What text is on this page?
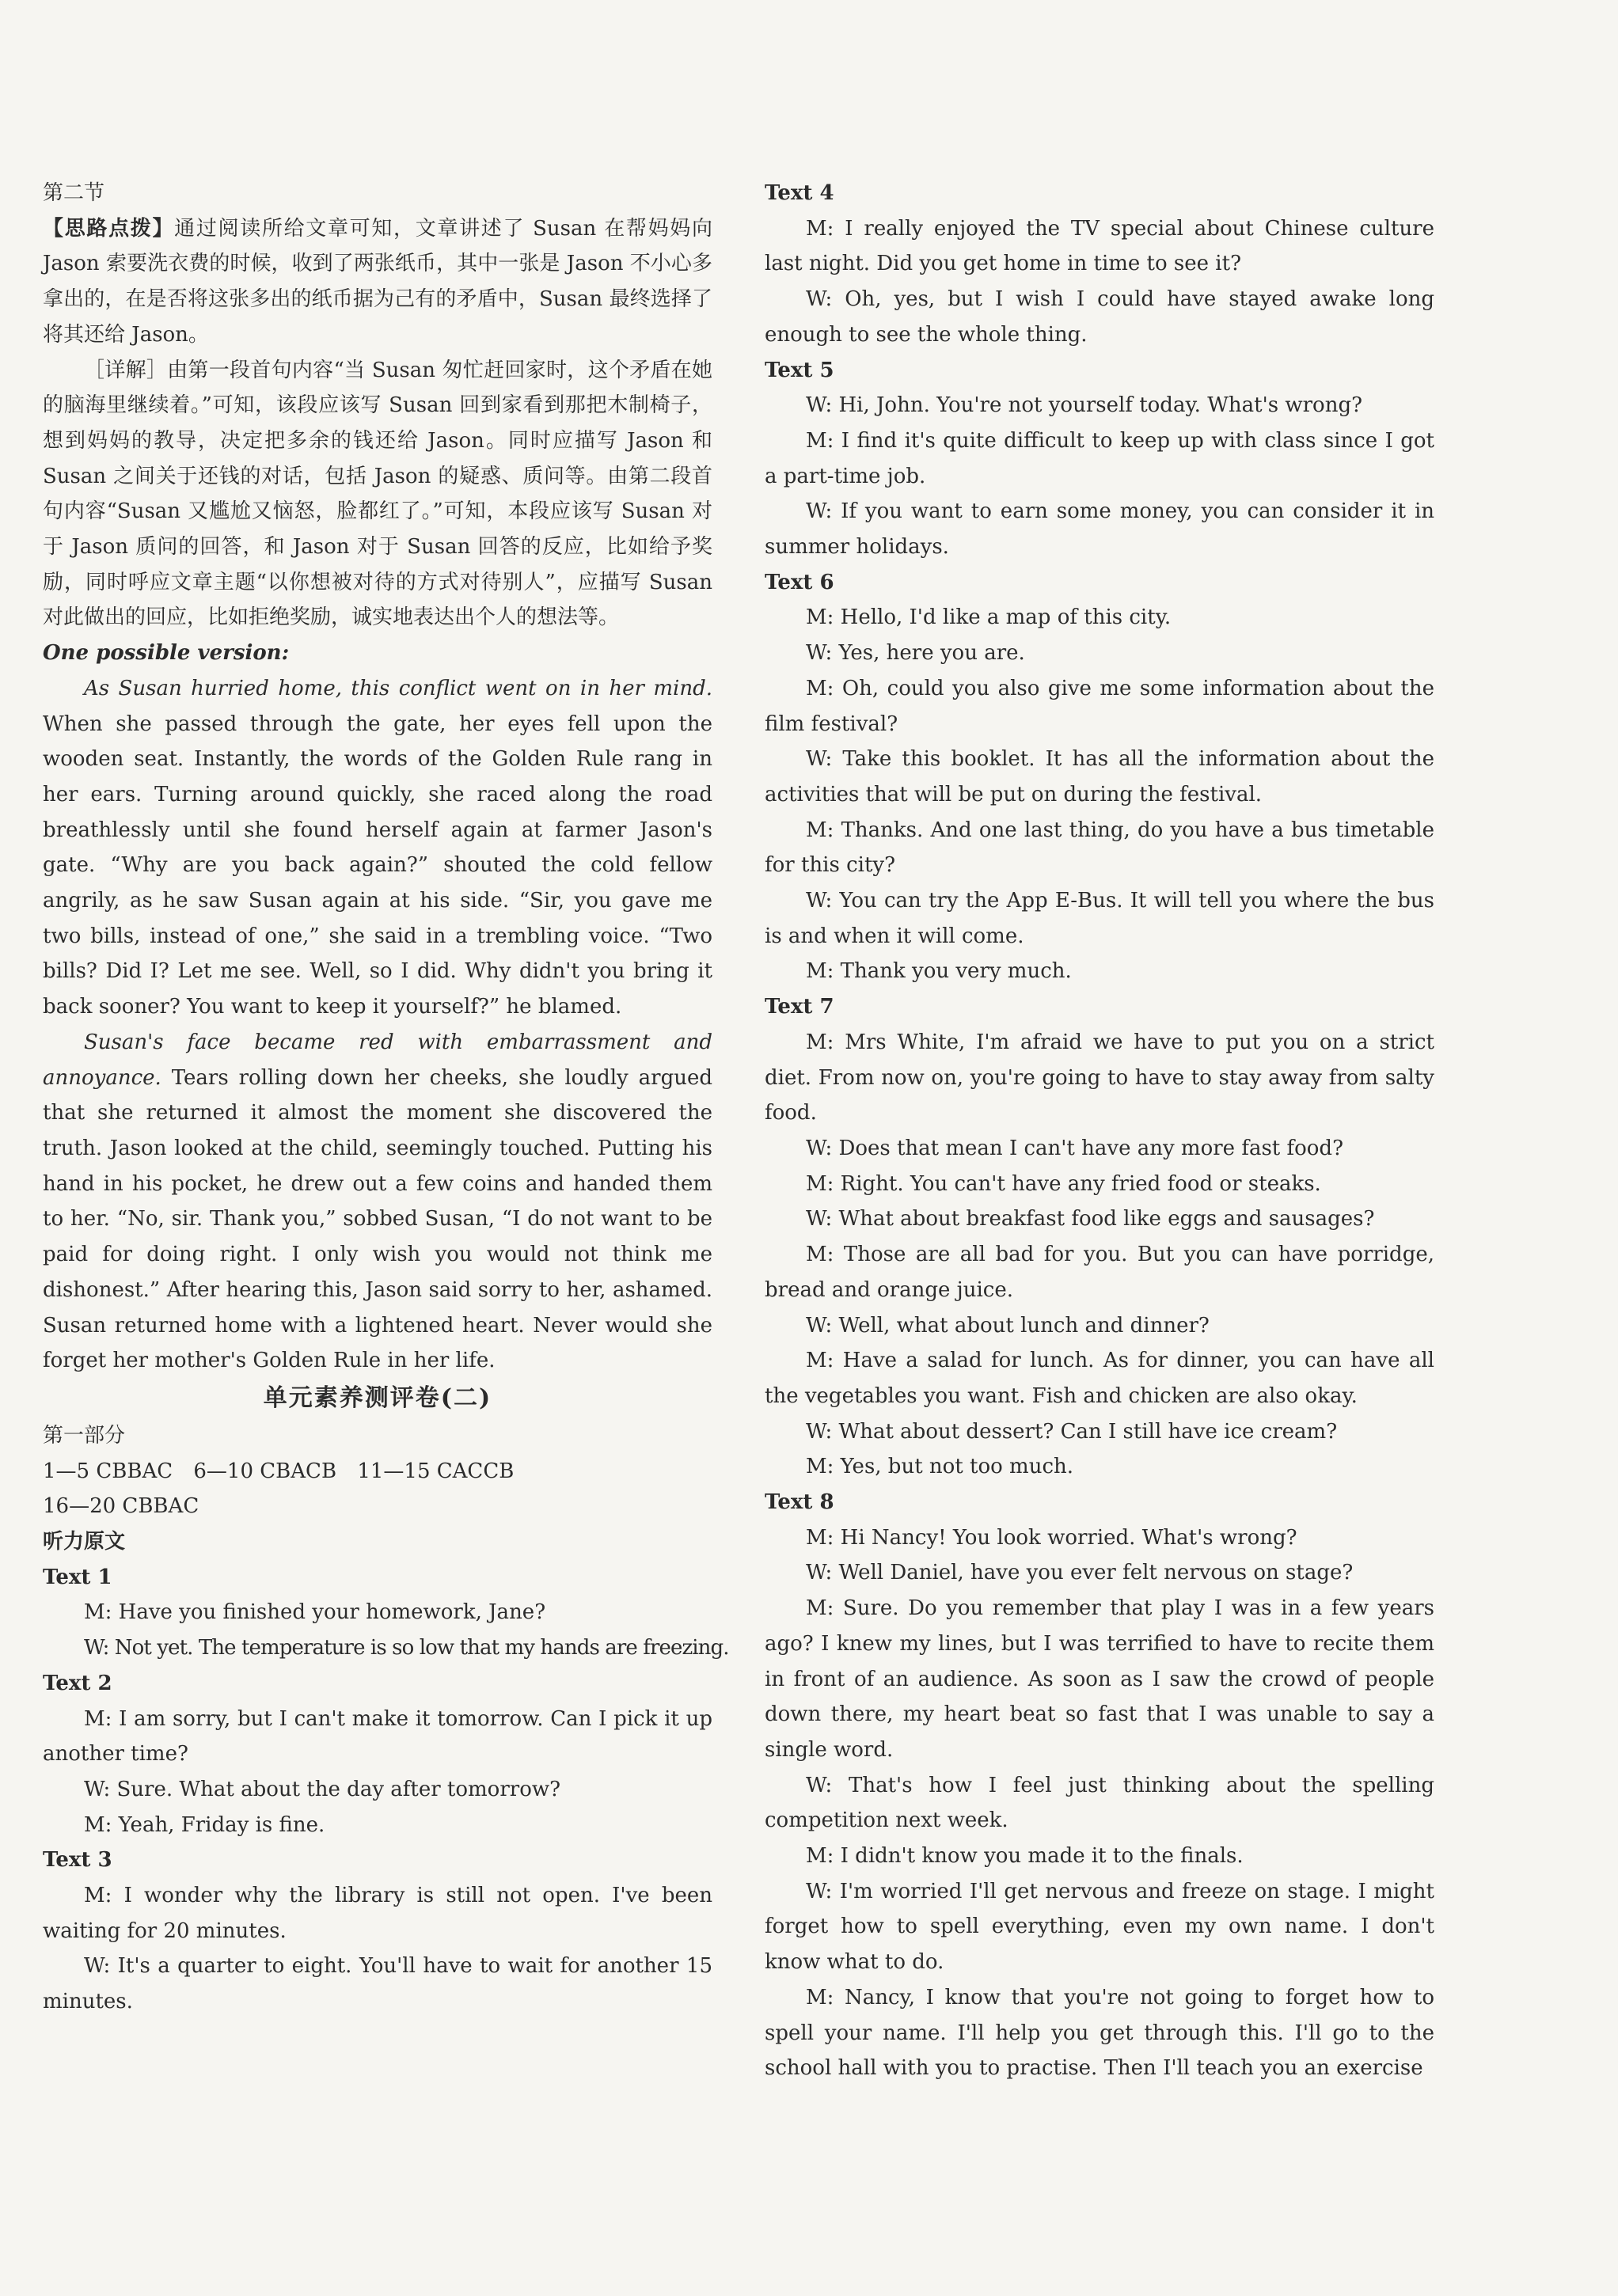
第二节

【思路点拨】通过阅读所给文章可知，文章讲述了 Susan 在帮妈妈向 Jason 索要洗衣费的时候，收到了两张纸币，其中一张是 Jason 不小心多拿出的，在是否将这张多出的纸币据为己有的矛盾中，Susan 最终选择了将其还给 Jason。

［详解］由第一段首句内容“当 Susan 匆忙赶回家时，这个矛盾在她的脑海里继续着。”可知，该段应该写 Susan 回到家看到那把木制椅子，想到妈妈的教导，决定把多余的钱还给 Jason。同时应描写 Jason 和 Susan 之间关于还钱的对话，包括 Jason 的疑惑、质问等。由第二段首句内容“Susan 又尴尬又恼怒，脸都红了。”可知，本段应该写 Susan 对于 Jason 质问的回答，和 Jason 对于 Susan 回答的反应，比如给予奖励，同时呼应文章主题“以你想被对待的方式对待别人”，应描写 Susan 对此做出的回应，比如拒绝奖励，诚实地表达出个人的想法等。

One possible version:

As Susan hurried home, this conflict went on in her mind. When she passed through the gate, her eyes fell upon the wooden seat. Instantly, the words of the Golden Rule rang in her ears. Turning around quickly, she raced along the road breathlessly until she found herself again at farmer Jason's gate. “Why are you back again?” shouted the cold fellow angrily, as he saw Susan again at his side. “Sir, you gave me two bills, instead of one,” she said in a trembling voice. “Two bills? Did I? Let me see. Well, so I did. Why didn't you bring it back sooner? You want to keep it yourself?” he blamed.

Susan's face became red with embarrassment and annoyance. Tears rolling down her cheeks, she loudly argued that she returned it almost the moment she discovered the truth. Jason looked at the child, seemingly touched. Putting his hand in his pocket, he drew out a few coins and handed them to her. “No, sir. Thank you,” sobbed Susan, “I do not want to be paid for doing right. I only wish you would not think me dishonest.” After hearing this, Jason said sorry to her, ashamed. Susan returned home with a lightened heart. Never would she forget her mother's Golden Rule in her life.

单元素养测评卷(二)

第一部分

1—5 CBBAC 6—10 CBACB 11—15 CACCB

16—20 CBBAC

听力原文

Text 1

M: Have you finished your homework, Jane?

W: Not yet. The temperature is so low that my hands are freezing.

Text 2

M: I am sorry, but I can't make it tomorrow. Can I pick it up another time?

W: Sure. What about the day after tomorrow?

M: Yeah, Friday is fine.

Text 3

M: I wonder why the library is still not open. I've been waiting for 20 minutes.

W: It's a quarter to eight. You'll have to wait for another 15 minutes.

Text 4

M: I really enjoyed the TV special about Chinese culture last night. Did you get home in time to see it?

W: Oh, yes, but I wish I could have stayed awake long enough to see the whole thing.

Text 5

W: Hi, John. You're not yourself today. What's wrong?

M: I find it's quite difficult to keep up with class since I got a part-time job.

W: If you want to earn some money, you can consider it in summer holidays.

Text 6

M: Hello, I'd like a map of this city.

W: Yes, here you are.

M: Oh, could you also give me some information about the film festival?

W: Take this booklet. It has all the information about the activities that will be put on during the festival.

M: Thanks. And one last thing, do you have a bus timetable for this city?

W: You can try the App E-Bus. It will tell you where the bus is and when it will come.

M: Thank you very much.

Text 7

M: Mrs White, I'm afraid we have to put you on a strict diet. From now on, you're going to have to stay away from salty food.

W: Does that mean I can't have any more fast food?

M: Right. You can't have any fried food or steaks.

W: What about breakfast food like eggs and sausages?

M: Those are all bad for you. But you can have porridge, bread and orange juice.

W: Well, what about lunch and dinner?

M: Have a salad for lunch. As for dinner, you can have all the vegetables you want. Fish and chicken are also okay.

W: What about dessert? Can I still have ice cream?

M: Yes, but not too much.

Text 8

M: Hi Nancy! You look worried. What's wrong?

W: Well Daniel, have you ever felt nervous on stage?

M: Sure. Do you remember that play I was in a few years ago? I knew my lines, but I was terrified to have to recite them in front of an audience. As soon as I saw the crowd of people down there, my heart beat so fast that I was unable to say a single word.

W: That's how I feel just thinking about the spelling competition next week.

M: I didn't know you made it to the finals.

W: I'm worried I'll get nervous and freeze on stage. I might forget how to spell everything, even my own name. I don't know what to do.

M: Nancy, I know that you're not going to forget how to spell your name. I'll help you get through this. I'll go to the school hall with you to practise. Then I'll teach you an exercise
